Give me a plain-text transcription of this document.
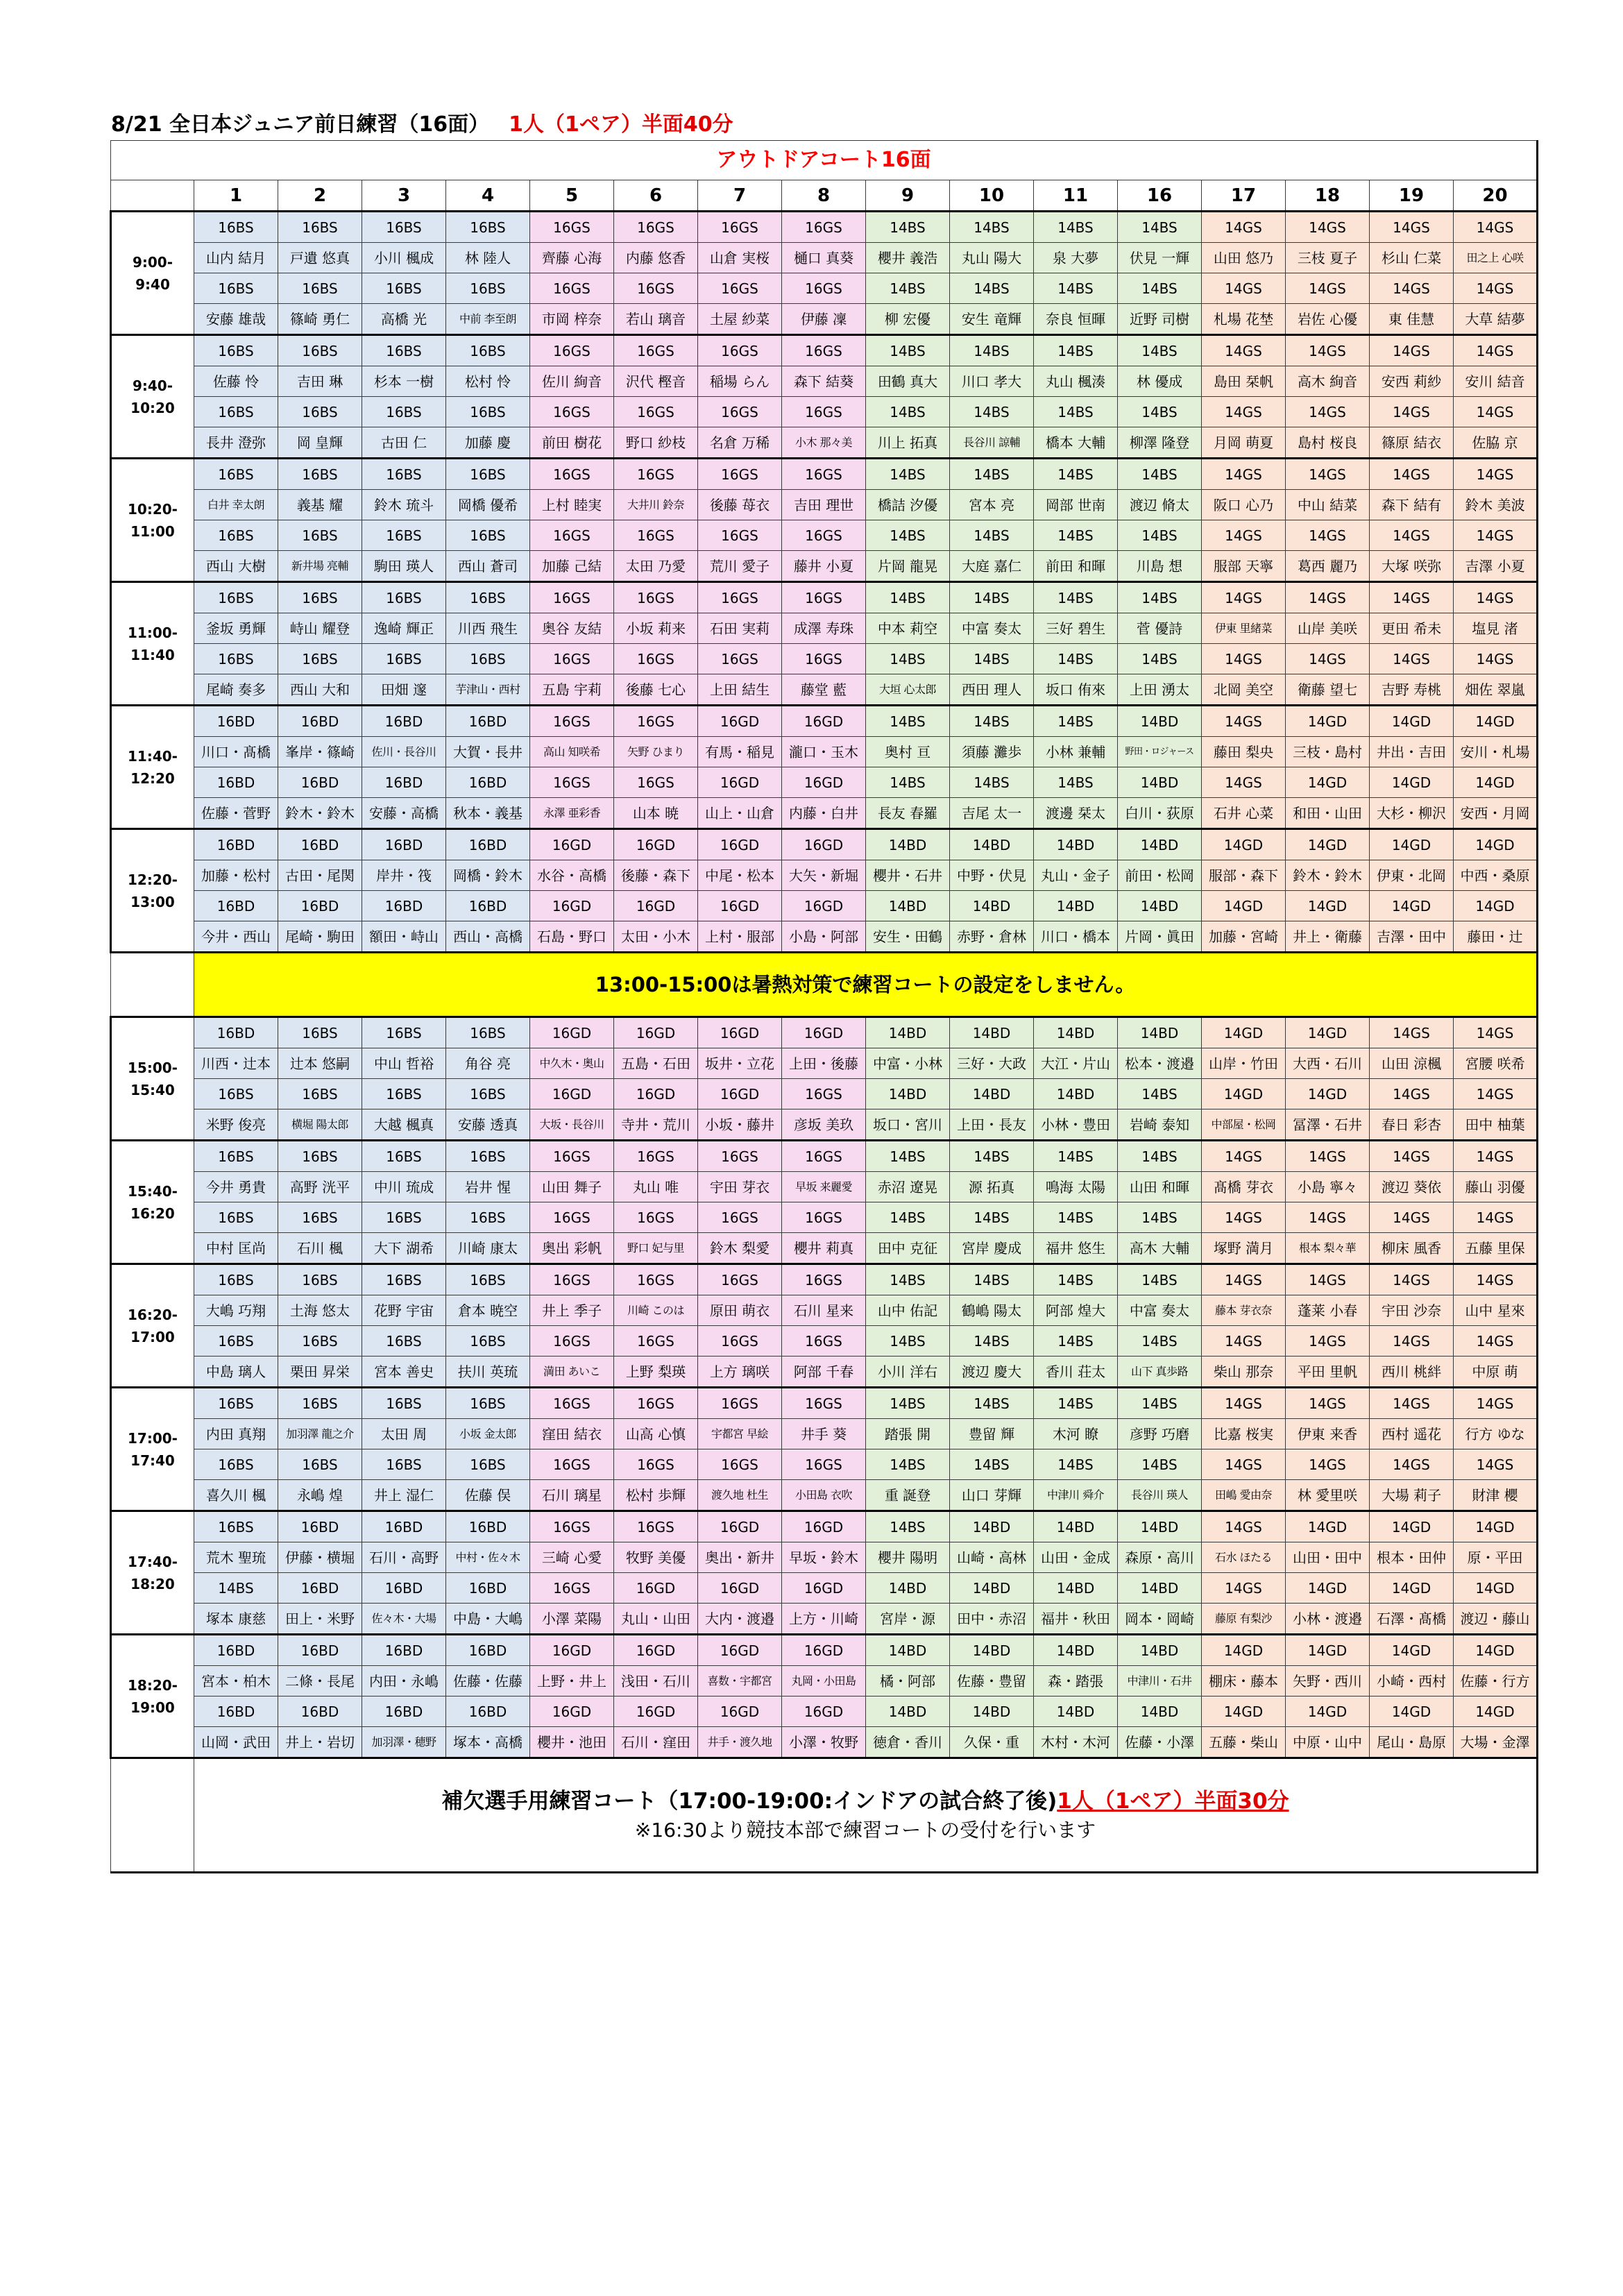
8/21 全日本ジュニア前日練習（16面） 1人（1ペア）半面40分
アウトドアコート16面																
	1	2	3	4	5	6	7	8	9	10	11	16	17	18	19	20

9:00-
9:40	16BS	16BS	16BS	16BS	16GS	16GS	16GS	16GS	14BS	14BS	14BS	14BS	14GS	14GS	14GS	14GS
	山内 結月	戸遺 悠真	小川 楓成	林 陸人	齊藤 心海	内藤 悠香	山倉 実桜	樋口 真葵	櫻井 義浩	丸山 陽大	泉 大夢	伏見 一輝	山田 悠乃	三枝 夏子	杉山 仁菜	田之上 心咲
	16BS	16BS	16BS	16BS	16GS	16GS	16GS	16GS	14BS	14BS	14BS	14BS	14GS	14GS	14GS	14GS
	安藤 雄哉	篠崎 勇仁	高橋 光	中前 李至朗	市岡 梓奈	若山 璃音	土屋 紗菜	伊藤 凜	柳 宏優	安生 竜輝	奈良 恒暉	近野 司樹	札場 花埜	岩佐 心優	東 佳慧	大草 結夢

9:40-
10:20	16BS	16BS	16BS	16BS	16GS	16GS	16GS	16GS	14BS	14BS	14BS	14BS	14GS	14GS	14GS	14GS
	佐藤 怜	吉田 琳	杉本 一樹	松村 怜	佐川 絢音	沢代 樫音	稲場 らん	森下 結葵	田鶴 真大	川口 孝大	丸山 楓湊	林 優成	島田 栞帆	高木 絢音	安西 莉紗	安川 結音
	16BS	16BS	16BS	16BS	16GS	16GS	16GS	16GS	14BS	14BS	14BS	14BS	14GS	14GS	14GS	14GS
	長井 澄弥	岡 皇輝	古田 仁	加藤 慶	前田 樹花	野口 紗枝	名倉 万稀	小木 那々美	川上 拓真	長谷川 諒輔	橋本 大輔	柳澤 隆登	月岡 萌夏	島村 桜良	篠原 結衣	佐脇 京

10:20-
11:00	16BS	16BS	16BS	16BS	16GS	16GS	16GS	16GS	14BS	14BS	14BS	14BS	14GS	14GS	14GS	14GS
	白井 幸太朗	義基 耀	鈴木 琉斗	岡橋 優希	上村 睦実	大井川 鈴奈	後藤 苺衣	吉田 理世	橋詰 汐優	宮本 亮	岡部 世南	渡辺 脩太	阪口 心乃	中山 結菜	森下 結有	鈴木 美波
	16BS	16BS	16BS	16BS	16GS	16GS	16GS	16GS	14BS	14BS	14BS	14BS	14GS	14GS	14GS	14GS
	西山 大樹	新井場 亮輔	駒田 瑛人	西山 蒼司	加藤 己結	太田 乃愛	荒川 愛子	藤井 小夏	片岡 龍晃	大庭 嘉仁	前田 和暉	川島 想	服部 天寧	葛西 麗乃	大塚 咲弥	吉澤 小夏

11:00-
11:40	16BS	16BS	16BS	16BS	16GS	16GS	16GS	16GS	14BS	14BS	14BS	14BS	14GS	14GS	14GS	14GS
	釜坂 勇輝	峙山 耀登	逸崎 輝正	川西 飛生	奥谷 友結	小坂 莉来	石田 実莉	成澤 寿珠	中本 莉空	中富 奏太	三好 碧生	菅 優詩	伊東 里緒菜	山岸 美咲	更田 希未	塩見 渚
	16BS	16BS	16BS	16BS	16GS	16GS	16GS	16GS	14BS	14BS	14BS	14BS	14GS	14GS	14GS	14GS
	尾崎 奏多	西山 大和	田畑 邃	芋津山・西村	五島 宇莉	後藤 七心	上田 結生	藤堂 藍	大垣 心太郎	西田 理人	坂口 侑來	上田 湧太	北岡 美空	衛藤 望七	吉野 寿桃	畑佐 翠嵐

11:40-
12:20	16BD	16BD	16BD	16BD	16GS	16GS	16GD	16GD	14BS	14BS	14BS	14BD	14GS	14GD	14GD	14GD
	川口・髙橋	峯岸・篠崎	佐川・長谷川	大賀・長井	高山 知咲希	矢野 ひまり	有馬・稲見	瀧口・玉木	奥村 亘	須藤 灘歩	小林 兼輔	野田・ロジャース	藤田 梨央	三枝・島村	井出・吉田	安川・札場
	16BD	16BD	16BD	16BD	16GS	16GS	16GD	16GD	14BS	14BS	14BS	14BD	14GS	14GD	14GD	14GD
	佐藤・菅野	鈴木・鈴木	安藤・高橋	秋本・義基	永澤 亜彩香	山本 暁	山上・山倉	内藤・白井	長友 春羅	吉尾 太一	渡邊 栞太	白川・荻原	石井 心菜	和田・山田	大杉・柳沢	安西・月岡

12:20-
13:00	16BD	16BD	16BD	16BD	16GD	16GD	16GD	16GD	14BD	14BD	14BD	14BD	14GD	14GD	14GD	14GD
	加藤・松村	古田・尾関	岸井・筏	岡橋・鈴木	水谷・高橋	後藤・森下	中尾・松本	大矢・新堀	櫻井・石井	中野・伏見	丸山・金子	前田・松岡	服部・森下	鈴木・鈴木	伊東・北岡	中西・桑原
	16BD	16BD	16BD	16BD	16GD	16GD	16GD	16GD	14BD	14BD	14BD	14BD	14GD	14GD	14GD	14GD
	今井・西山	尾崎・駒田	額田・峙山	西山・高橋	石島・野口	太田・小木	上村・服部	小島・阿部	安生・田鶴	赤野・倉林	川口・橋本	片岡・眞田	加藤・宮崎	井上・衛藤	吉澤・田中	藤田・辻
	13:00-15:00は暑熱対策で練習コートの設定をしません。															

15:00-
15:40	16BD	16BS	16BS	16BS	16GD	16GD	16GD	16GD	14BD	14BD	14BD	14BD	14GD	14GD	14GS	14GS
	川西・辻本	辻本 悠嗣	中山 哲裕	角谷 亮	中久木・奥山	五島・石田	坂井・立花	上田・後藤	中富・小林	三好・大政	大江・片山	松本・渡邉	山岸・竹田	大西・石川	山田 涼楓	宮腰 咲希
	16BS	16BS	16BS	16BS	16GD	16GD	16GD	16GS	14BD	14BD	14BD	14BS	14GD	14GD	14GS	14GS
	米野 俊亮	横堀 陽太郎	大越 楓真	安藤 透真	大坂・長谷川	寺井・荒川	小坂・藤井	彦坂 美玖	坂口・宮川	上田・長友	小林・豊田	岩崎 泰知	中部屋・松岡	冨澤・石井	春日 彩杏	田中 柚葉

15:40-
16:20	16BS	16BS	16BS	16BS	16GS	16GS	16GS	16GS	14BS	14BS	14BS	14BS	14GS	14GS	14GS	14GS
	今井 勇貴	高野 洸平	中川 琉成	岩井 惺	山田 舞子	丸山 唯	宇田 芽衣	早坂 来麗愛	赤沼 遼晃	源 拓真	鳴海 太陽	山田 和暉	髙橋 芽衣	小島 寧々	渡辺 葵依	藤山 羽優
	16BS	16BS	16BS	16BS	16GS	16GS	16GS	16GS	14BS	14BS	14BS	14BS	14GS	14GS	14GS	14GS
	中村 匡尚	石川 楓	大下 湖希	川崎 康太	奥出 彩帆	野口 妃与里	鈴木 梨愛	櫻井 莉真	田中 克征	宮岸 慶成	福井 悠生	高木 大輔	塚野 満月	根本 梨々華	柳床 風香	五藤 里保

16:20-
17:00	16BS	16BS	16BS	16BS	16GS	16GS	16GS	16GS	14BS	14BS	14BS	14BS	14GS	14GS	14GS	14GS
	大嶋 巧翔	土海 悠太	花野 宇宙	倉本 暁空	井上 季子	川崎 このは	原田 萌衣	石川 星来	山中 佑記	鶴嶋 陽太	阿部 煌大	中富 奏太	藤本 芽衣奈	蓬莱 小春	宇田 沙奈	山中 星來
	16BS	16BS	16BS	16BS	16GS	16GS	16GS	16GS	14BS	14BS	14BS	14BS	14GS	14GS	14GS	14GS
	中島 璃人	栗田 昇栄	宮本 善史	扶川 英琉	満田 あいこ	上野 梨瑛	上方 璃咲	阿部 千春	小川 洋右	渡辺 慶大	香川 荘太	山下 真歩路	柴山 那奈	平田 里帆	西川 桃絆	中原 萌

17:00-
17:40	16BS	16BS	16BS	16BS	16GS	16GS	16GS	16GS	14BS	14BS	14BS	14BS	14GS	14GS	14GS	14GS
	内田 真翔	加羽澤 龍之介	太田 周	小坂 金太郎	窪田 結衣	山高 心慎	宇都宮 早絵	井手 葵	踏張 開	豊留 輝	木河 瞭	彦野 巧磨	比嘉 桜実	伊東 来香	西村 遥花	行方 ゆな
	16BS	16BS	16BS	16BS	16GS	16GS	16GS	16GS	14BS	14BS	14BS	14BS	14GS	14GS	14GS	14GS
	喜久川 楓	永嶋 煌	井上 湿仁	佐藤 俣	石川 璃星	松村 歩輝	渡久地 杜生	小田島 衣吹	重 誕登	山口 芽輝	中津川 舜介	長谷川 瑛人	田嶋 愛由奈	林 愛里咲	大場 莉子	財津 櫻

17:40-
18:20	16BS	16BD	16BD	16BD	16GS	16GS	16GD	16GD	14BS	14BD	14BD	14BD	14GS	14GD	14GD	14GD
	荒木 聖琉	伊藤・横堀	石川・高野	中村・佐々木	三崎 心愛	牧野 美優	奥出・新井	早坂・鈴木	櫻井 陽明	山崎・高林	山田・金成	森原・高川	石水 ほたる	山田・田中	根本・田仲	原・平田
	14BS	16BD	16BD	16BD	16GS	16GD	16GD	16GD	14BD	14BD	14BD	14BD	14GS	14GD	14GD	14GD
	塚本 康慈	田上・米野	佐々木・大場	中島・大嶋	小澤 菜陽	丸山・山田	大内・渡邉	上方・川崎	宮岸・源	田中・赤沼	福井・秋田	岡本・岡崎	藤原 有梨沙	小林・渡邉	石澤・髙橋	渡辺・藤山

18:20-
19:00	16BD	16BD	16BD	16BD	16GD	16GD	16GD	16GD	14BD	14BD	14BD	14BD	14GD	14GD	14GD	14GD
	宮本・柏木	二條・長尾	内田・永嶋	佐藤・佐藤	上野・井上	浅田・石川	喜数・宇都宮	丸岡・小田島	橘・阿部	佐藤・豊留	森・踏張	中津川・石井	棚床・藤本	矢野・西川	小崎・西村	佐藤・行方
	16BD	16BD	16BD	16BD	16GD	16GD	16GD	16GD	14BD	14BD	14BD	14BD	14GD	14GD	14GD	14GD
	山岡・武田	井上・岩切	加羽澤・穂野	塚本・高橋	櫻井・池田	石川・窪田	井手・渡久地	小澤・牧野	徳倉・香川	久保・重	木村・木河	佐藤・小澤	五藤・柴山	中原・山中	尾山・島原	大場・金澤

	補欠選手用練習コート（17:00-19:00:インドアの試合終了後)1人（1ペア）半面30分
※16:30より競技本部で練習コートの受付を行います															
